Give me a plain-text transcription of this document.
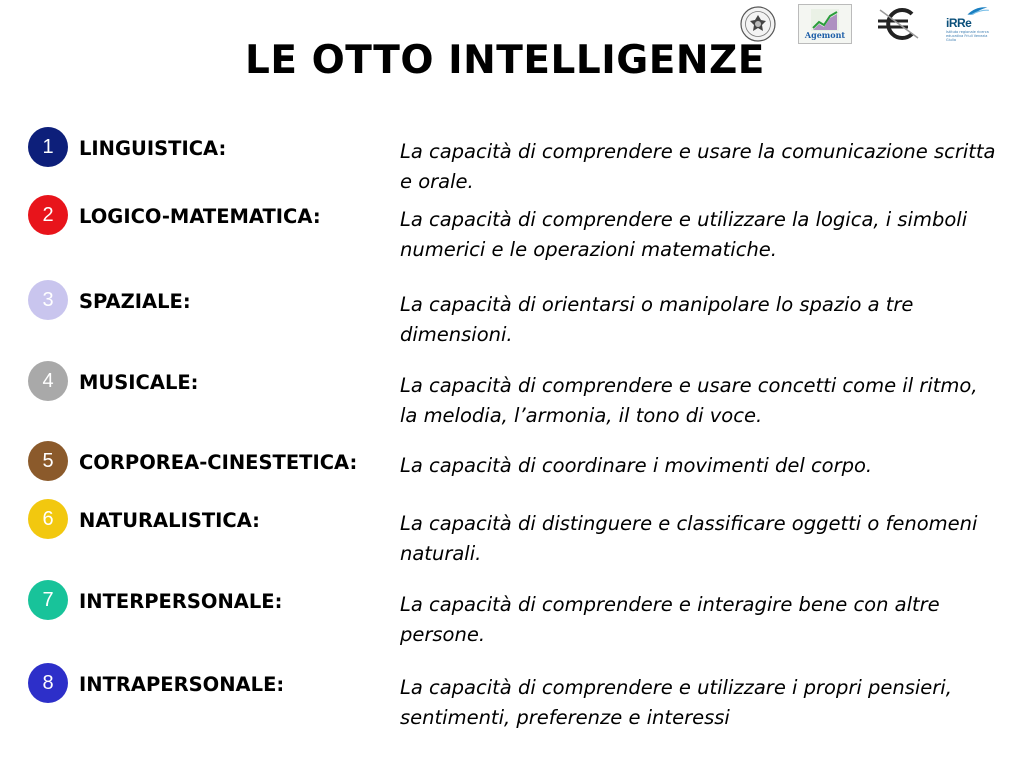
Agemont
iRRe
Istituto regionale ricerca educativa Friuli Venezia Giulia
LE OTTO INTELLIGENZE
1	LINGUISTICA:	La capacità di comprendere e usare la comunicazione scritta e orale.

2	LOGICO-MATEMATICA:	La capacità di comprendere e utilizzare la logica, i simboli numerici e le operazioni matematiche.

3	SPAZIALE:	La capacità di orientarsi o manipolare lo spazio a tre dimensioni.

4	MUSICALE:	La capacità di comprendere e usare concetti come il ritmo, la melodia, l’armonia, il tono di voce.

5	CORPOREA-CINESTETICA: La capacità di coordinare i movimenti del corpo.

6	NATURALISTICA:	La capacità di distinguere e classificare oggetti o fenomeni naturali.

7	INTERPERSONALE:	La capacità di comprendere e interagire bene con altre persone.

8	INTRAPERSONALE:	La capacità di comprendere e utilizzare i propri pensieri, sentimenti, preferenze e interessi
